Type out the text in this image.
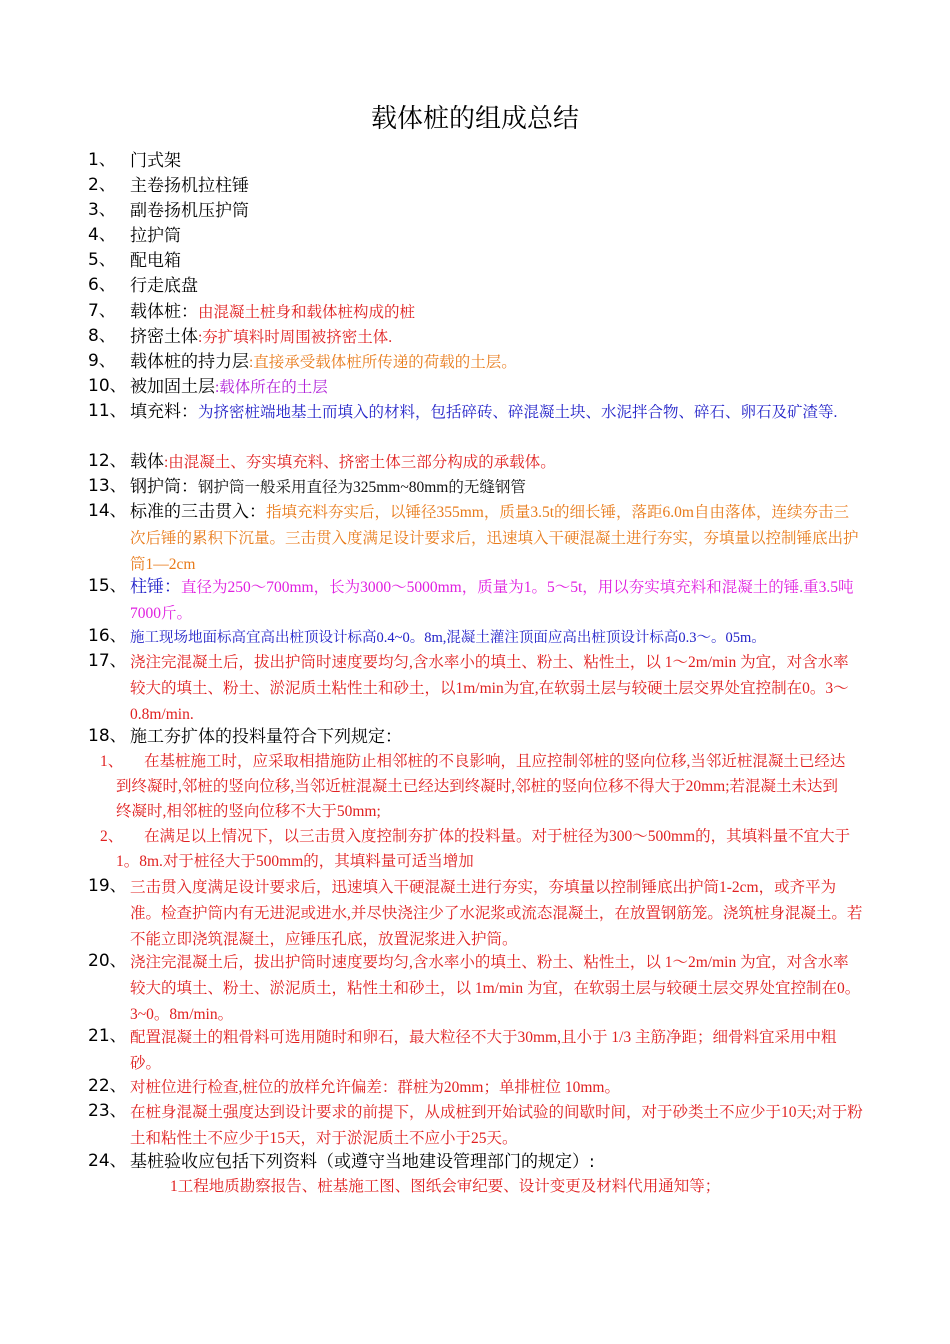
载体桩的组成总结
1、 门式架
2、 主卷扬机拉柱锤
3、 副卷扬机压护筒
4、 拉护筒
5、 配电箱
6、 行走底盘
7、 载体桩：由混凝土桩身和载体桩构成的桩
8、 挤密土体:夯扩填料时周围被挤密土体.
9、 载体桩的持力层:直接承受载体桩所传递的荷载的土层。
10、 被加固土层:载体所在的土层
11、 填充料：为挤密桩端地基土而填入的材料，包括碎砖、碎混凝土块、水泥拌合物、碎石、卵石及矿渣等.
12、 载体:由混凝土、夯实填充料、挤密土体三部分构成的承载体。
13、 钢护筒：钢护筒一般采用直径为325mm~80mm的无缝钢管
14、 标准的三击贯入：指填充料夯实后，以锤径355mm，质量3.5t的细长锤，落距6.0m自由落体，连续夯击三次后锤的累积下沉量。三击贯入度满足设计要求后，迅速填入干硬混凝土进行夯实，夯填量以控制锤底出护筒1—2cm
15、 柱锤：直径为250～700mm，长为3000～5000mm，质量为1。5～5t，用以夯实填充料和混凝土的锤.重3.5吨 7000斤。
16、 施工现场地面标高宜高出桩顶设计标高0.4~0。8m,混凝土灌注顶面应高出桩顶设计标高0.3～。05m。
17、 浇注完混凝土后，拔出护筒时速度要均匀,含水率小的填土、粉土、粘性土，以 1～2m/min 为宜，对含水率较大的填土、粉土、淤泥质土粘性土和砂土，以1m/min为宜,在软弱土层与较硬土层交界处宜控制在0。3～0.8m/min.
18、 施工夯扩体的投料量符合下列规定：
1、	在基桩施工时，应采取相措施防止相邻桩的不良影响，且应控制邻桩的竖向位移,当邻近桩混凝土已经达到终凝时,邻桩的竖向位移,当邻近桩混凝土已经达到终凝时,邻桩的竖向位移不得大于20mm;若混凝土未达到终凝时,相邻桩的竖向位移不大于50mm;
2、	在满足以上情况下，以三击贯入度控制夯扩体的投料量。对于桩径为300～500mm的，其填料量不宜大于1。8m.对于桩径大于500mm的，其填料量可适当增加
19、 三击贯入度满足设计要求后，迅速填入干硬混凝土进行夯实，夯填量以控制锤底出护筒1-2cm，或齐平为准。检查护筒内有无进泥或进水,并尽快浇注少了水泥浆或流态混凝土，在放置钢筋笼。浇筑桩身混凝土。若不能立即浇筑混凝土，应锤压孔底，放置泥浆进入护筒。
20、 浇注完混凝土后，拔出护筒时速度要均匀,含水率小的填土、粉土、粘性土，以 1～2m/min 为宜，对含水率较大的填土、粉土、淤泥质土，粘性土和砂土，以 1m/min 为宜，在软弱土层与较硬土层交界处宜控制在0。3~0。8m/min。
21、 配置混凝土的粗骨料可选用随时和卵石，最大粒径不大于30mm,且小于 1/3 主筋净距；细骨料宜采用中粗砂。
22、 对桩位进行检查,桩位的放样允许偏差：群桩为20mm；单排桩位 10mm。
23、 在桩身混凝土强度达到设计要求的前提下，从成桩到开始试验的间歇时间，对于砂类土不应少于10天;对于粉土和粘性土不应少于15天，对于淤泥质土不应小于25天。
24、 基桩验收应包括下列资料（或遵守当地建设管理部门的规定）:
1工程地质勘察报告、桩基施工图、图纸会审纪要、设计变更及材料代用通知等；
